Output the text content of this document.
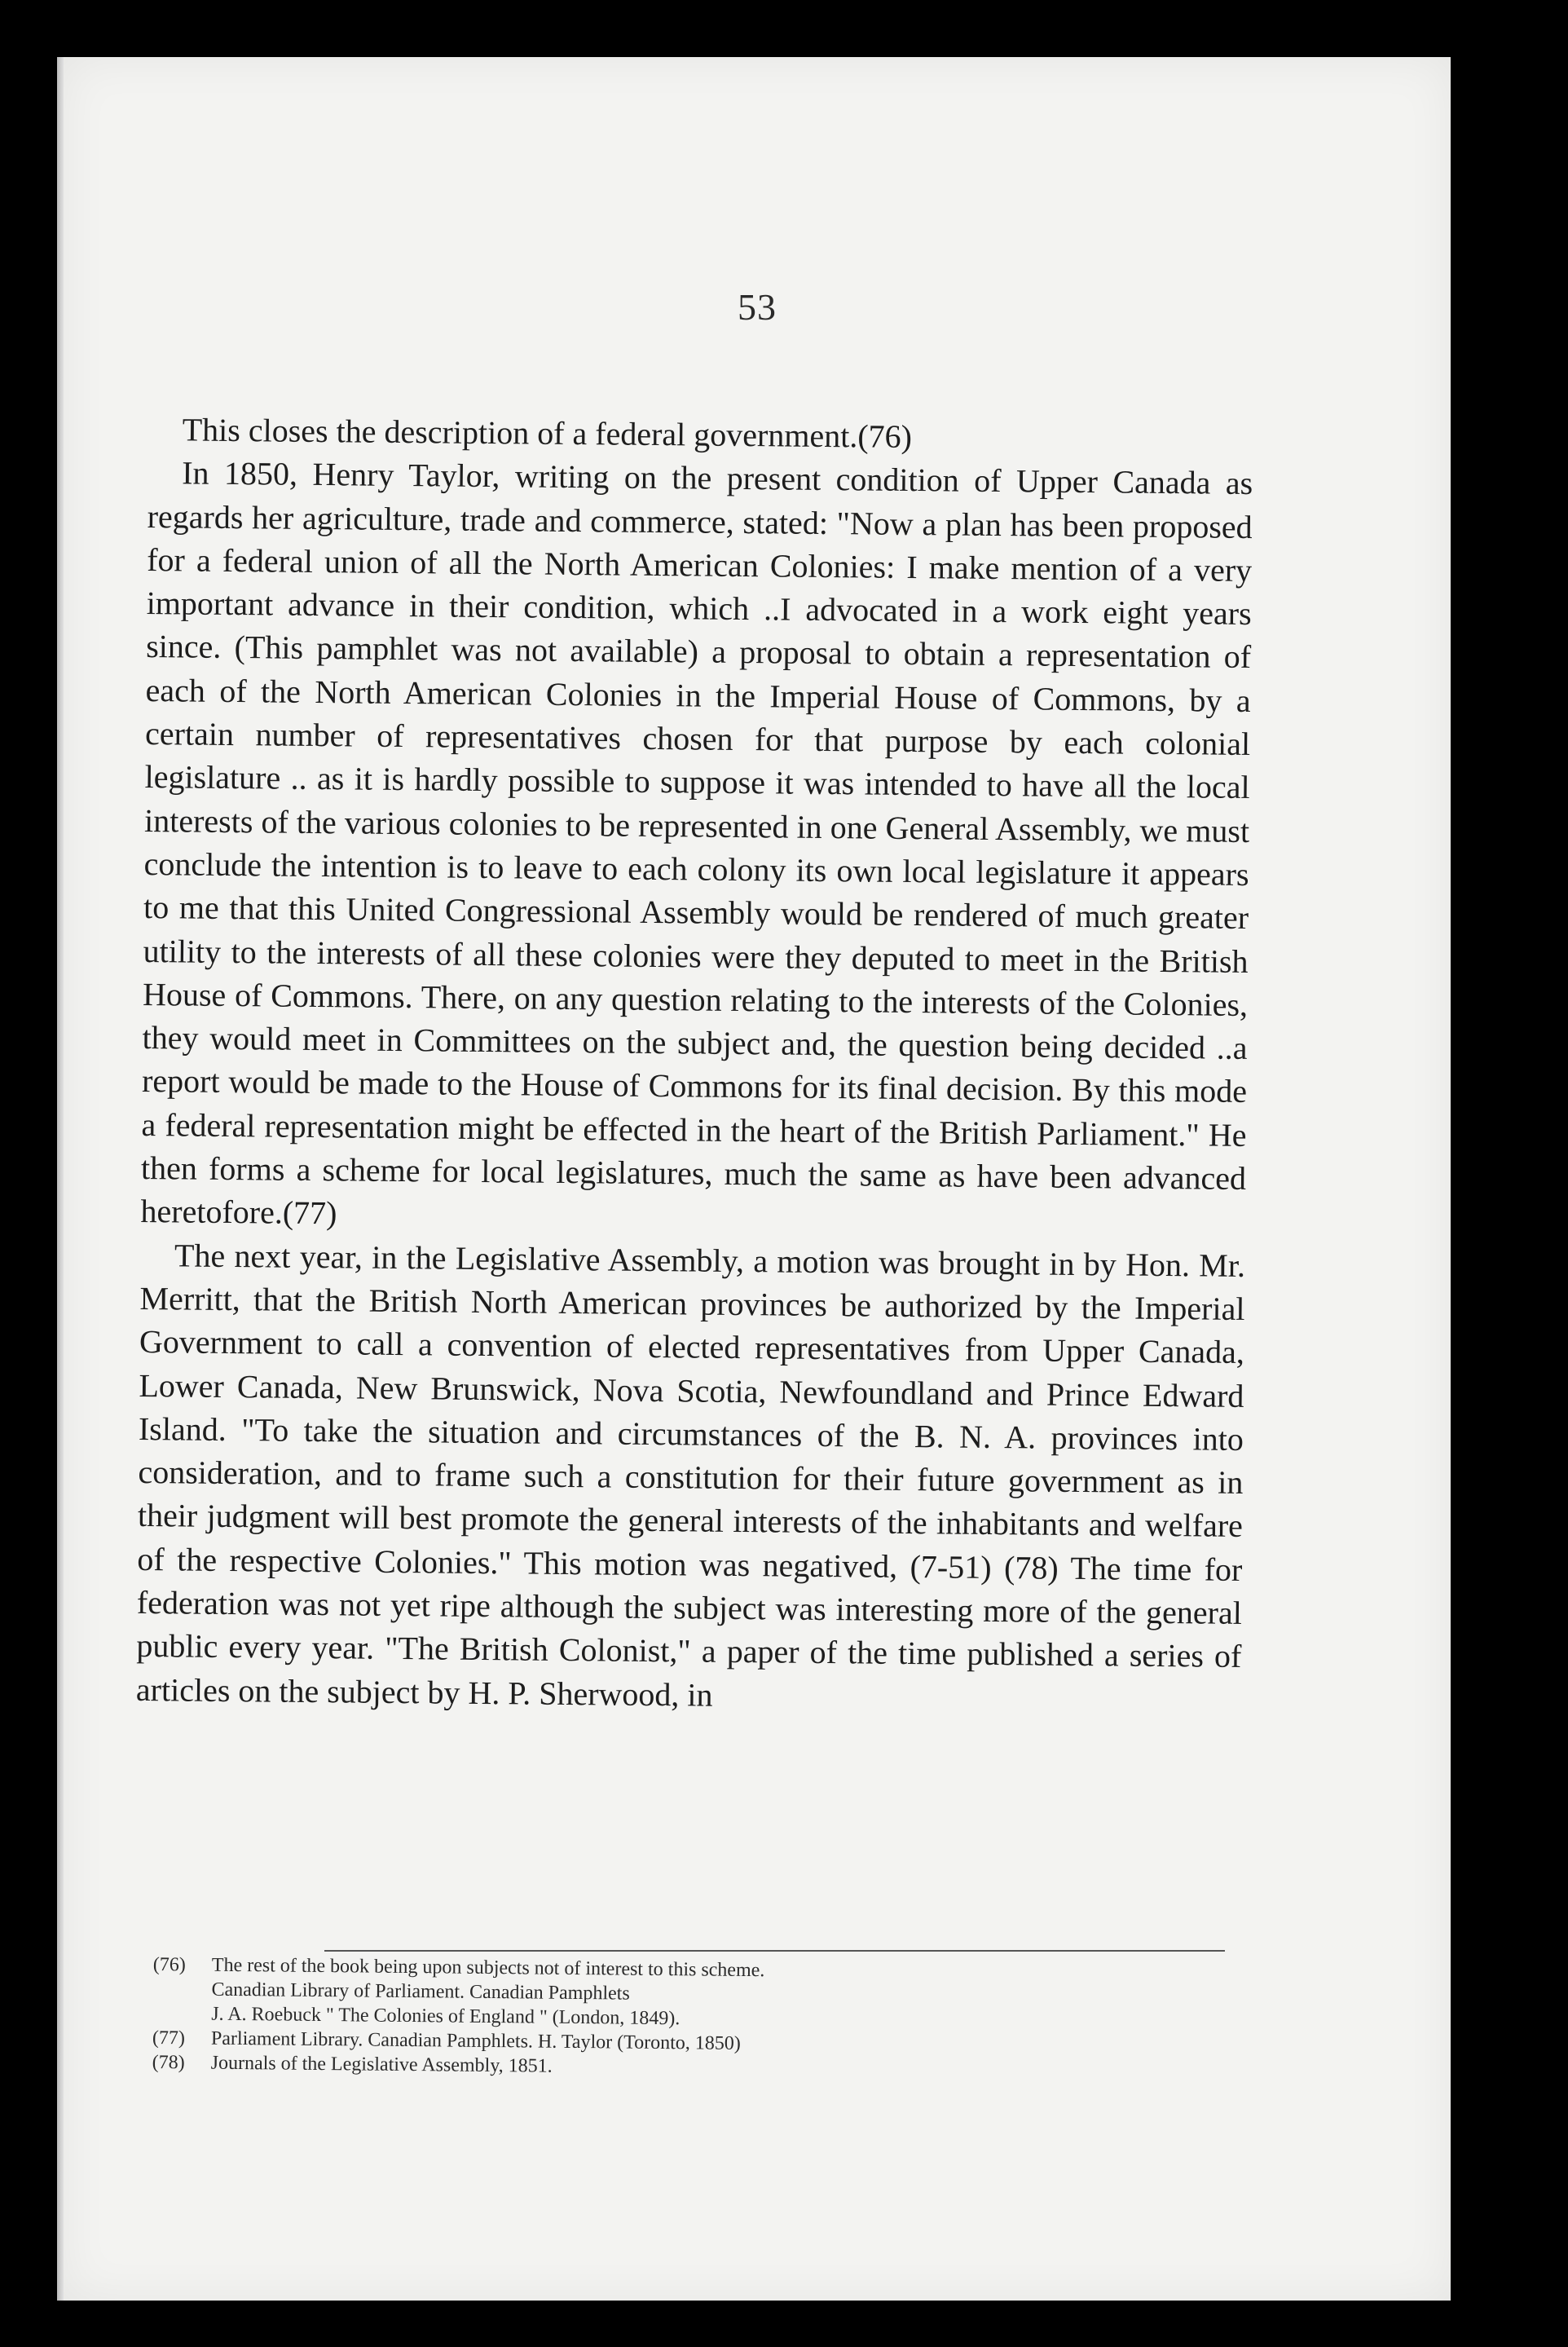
53

This closes the description of a federal government.(76)

In 1850, Henry Taylor, writing on the present condition of Upper Canada as regards her agriculture, trade and commerce, stated: "Now a plan has been proposed for a federal union of all the North American Colonies: I make mention of a very important advance in their condition, which ..I advocated in a work eight years since. (This pamphlet was not available) a proposal to obtain a representation of each of the North American Colonies in the Imperial House of Commons, by a certain number of representatives chosen for that purpose by each colonial legislature .. as it is hardly possible to suppose it was intended to have all the local interests of the various colonies to be represented in one General Assembly, we must conclude the intention is to leave to each colony its own local legislature it appears to me that this United Congressional Assembly would be rendered of much greater utility to the interests of all these colonies were they deputed to meet in the British House of Commons. There, on any question relating to the interests of the Colonies, they would meet in Committees on the subject and, the question being decided ..a report would be made to the House of Commons for its final decision. By this mode a federal representation might be effected in the heart of the British Parliament." He then forms a scheme for local legislatures, much the same as have been advanced heretofore.(77)

The next year, in the Legislative Assembly, a motion was brought in by Hon. Mr. Merritt, that the British North American provinces be authorized by the Imperial Government to call a convention of elected representatives from Upper Canada, Lower Canada, New Brunswick, Nova Scotia, Newfoundland and Prince Edward Island. "To take the situation and circumstances of the B. N. A. provinces into consideration, and to frame such a constitution for their future government as in their judgment will best promote the general interests of the inhabitants and welfare of the respective Colonies." This motion was negatived, (7-51) (78) The time for federation was not yet ripe although the subject was interesting more of the general public every year. "The British Colonist," a paper of the time published a series of articles on the subject by H. P. Sherwood, in

(76)	The rest of the book being upon subjects not of interest to this scheme.
Canadian Library of Parliament. Canadian Pamphlets
J. A. Roebuck " The Colonies of England " (London, 1849).
(77)	Parliament Library. Canadian Pamphlets. H. Taylor (Toronto, 1850)
(78)	Journals of the Legislative Assembly, 1851.
